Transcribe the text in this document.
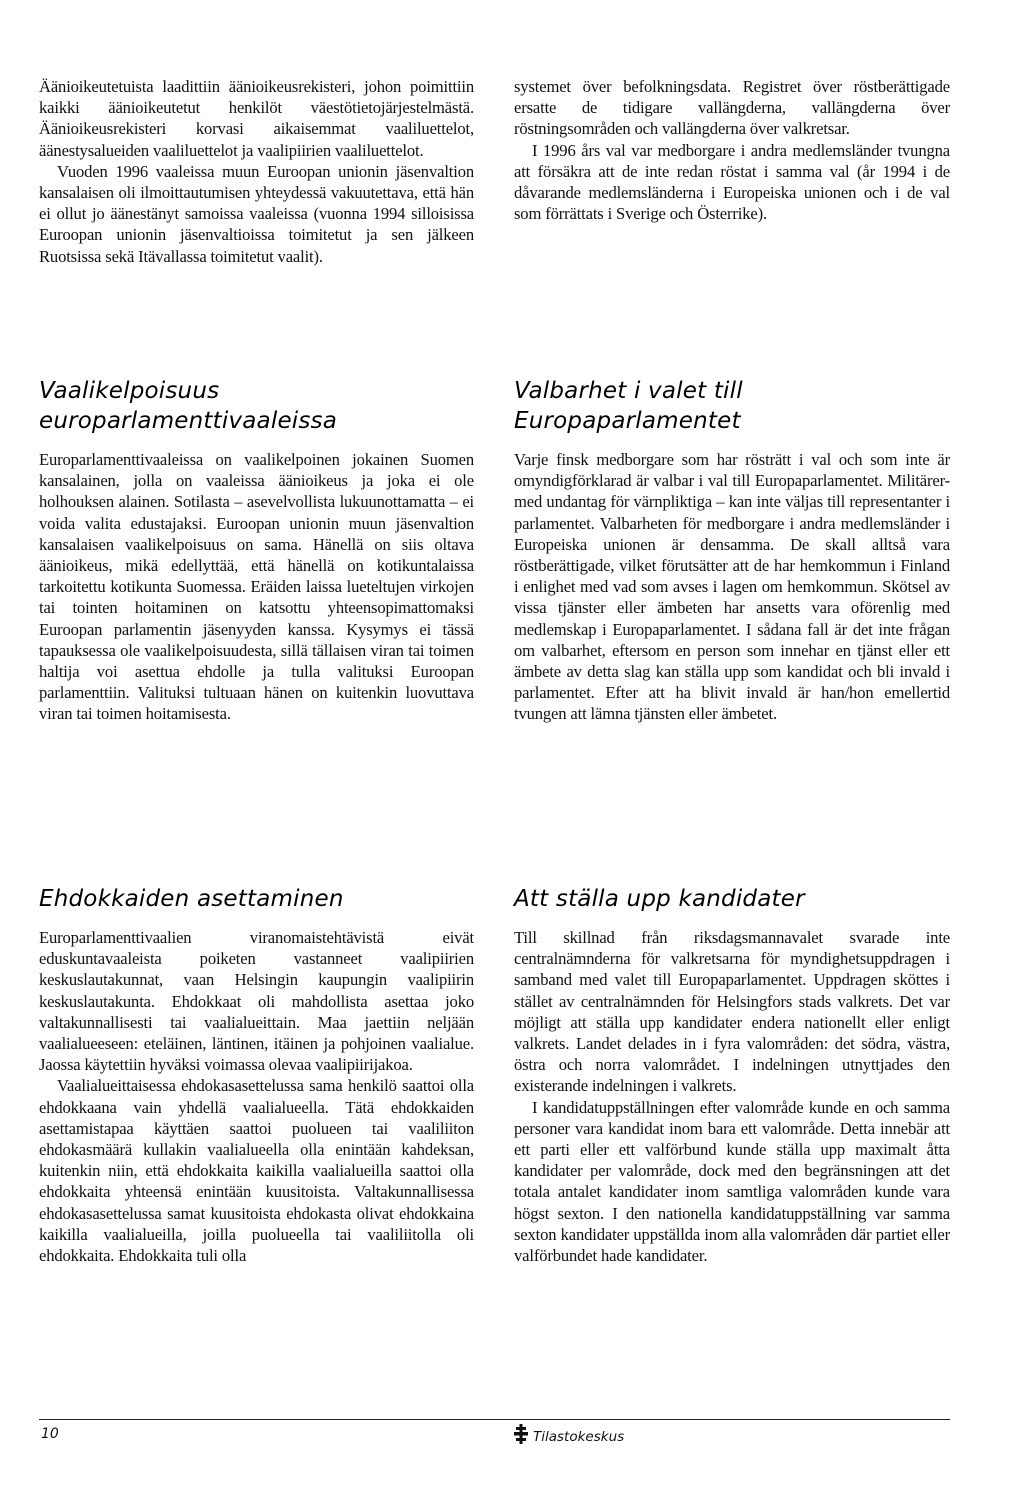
Äänioikeutetuista laadittiin äänioikeusrekisteri, johon poimittiin kaikki äänioikeutetut henkilöt väestötietojärjestelmästä. Äänioikeusrekisteri korvasi aikaisemmat vaaliluettelot, äänestysalueiden vaaliluettelot ja vaalipiirien vaaliluettelot.

Vuoden 1996 vaaleissa muun Euroopan unionin jäsenvaltion kansalaisen oli ilmoittautumisen yhteydessä vakuutettava, että hän ei ollut jo äänestänyt samoissa vaaleissa (vuonna 1994 silloisissa Euroopan unionin jäsenvaltioissa toimitetut ja sen jälkeen Ruotsissa sekä Itävallassa toimitetut vaalit).

systemet över befolkningsdata. Registret över röstberättigade ersatte de tidigare vallängderna, vallängderna över röstningsområden och vallängderna över valkretsar.

I 1996 års val var medborgare i andra medlemsländer tvungna att försäkra att de inte redan röstat i samma val (år 1994 i de dåvarande medlemsländerna i Europeiska unionen och i de val som förrättats i Sverige och Österrike).

Vaalikelpoisuus
europarlamenttivaaleissa

Europarlamenttivaaleissa on vaalikelpoinen jokainen Suomen kansalainen, jolla on vaaleissa äänioikeus ja joka ei ole holhouksen alainen. Sotilasta – asevelvollista lukuunottamatta – ei voida valita edustajaksi. Euroopan unionin muun jäsenvaltion kansalaisen vaalikelpoisuus on sama. Hänellä on siis oltava äänioikeus, mikä edellyttää, että hänellä on kotikuntalaissa tarkoitettu kotikunta Suomessa. Eräiden laissa lueteltujen virkojen tai tointen hoitaminen on katsottu yhteensopimattomaksi Euroopan parlamentin jäsenyyden kanssa. Kysymys ei tässä tapauksessa ole vaalikelpoisuudesta, sillä tällaisen viran tai toimen haltija voi asettua ehdolle ja tulla valituksi Euroopan parlamenttiin. Valituksi tultuaan hänen on kuitenkin luovuttava viran tai toimen hoitamisesta.

Valbarhet i valet till
Europaparlamentet

Varje finsk medborgare som har rösträtt i val och som inte är omyndigförklarad är valbar i val till Europaparlamentet. Militärer- med undantag för värnpliktiga – kan inte väljas till representanter i parlamentet. Valbarheten för medborgare i andra medlemsländer i Europeiska unionen är densamma. De skall alltså vara röstberättigade, vilket förutsätter att de har hemkommun i Finland i enlighet med vad som avses i lagen om hemkommun. Skötsel av vissa tjänster eller ämbeten har ansetts vara oförenlig med medlemskap i Europaparlamentet. I sådana fall är det inte frågan om valbarhet, eftersom en person som innehar en tjänst eller ett ämbete av detta slag kan ställa upp som kandidat och bli invald i parlamentet. Efter att ha blivit invald är han/hon emellertid tvungen att lämna tjänsten eller ämbetet.

Ehdokkaiden asettaminen

Europarlamenttivaalien viranomaistehtävistä eivät eduskuntavaaleista poiketen vastanneet vaalipiirien keskuslautakunnat, vaan Helsingin kaupungin vaalipiirin keskuslautakunta. Ehdokkaat oli mahdollista asettaa joko valtakunnallisesti tai vaalialueittain. Maa jaettiin neljään vaalialueeseen: eteläinen, läntinen, itäinen ja pohjoinen vaalialue. Jaossa käytettiin hyväksi voimassa olevaa vaalipiirijakoa.

Vaalialueittaisessa ehdokasasettelussa sama henkilö saattoi olla ehdokkaana vain yhdellä vaalialueella. Tätä ehdokkaiden asettamistapaa käyttäen saattoi puolueen tai vaaliliiton ehdokasmäärä kullakin vaalialueella olla enintään kahdeksan, kuitenkin niin, että ehdokkaita kaikilla vaalialueilla saattoi olla ehdokkaita yhteensä enintään kuusitoista. Valtakunnallisessa ehdokasasettelussa samat kuusitoista ehdokasta olivat ehdokkaina kaikilla vaalialueilla, joilla puolueella tai vaaliliitolla oli ehdokkaita. Ehdokkaita tuli olla

Att ställa upp kandidater

Till skillnad från riksdagsmannavalet svarade inte centralnämnderna för valkretsarna för myndighetsuppdragen i samband med valet till Europaparlamentet. Uppdragen sköttes i stället av centralnämnden för Helsingfors stads valkrets. Det var möjligt att ställa upp kandidater endera nationellt eller enligt valkrets. Landet delades in i fyra valområden: det södra, västra, östra och norra valområdet. I indelningen utnyttjades den existerande indelningen i valkrets.

I kandidatuppställningen efter valområde kunde en och samma personer vara kandidat inom bara ett valområde. Detta innebär att ett parti eller ett valförbund kunde ställa upp maximalt åtta kandidater per valområde, dock med den begränsningen att det totala antalet kandidater inom samtliga valområden kunde vara högst sexton. I den nationella kandidatuppställning var samma sexton kandidater uppställda inom alla valområden där partiet eller valförbundet hade kandidater.

10	Tilastokeskus
